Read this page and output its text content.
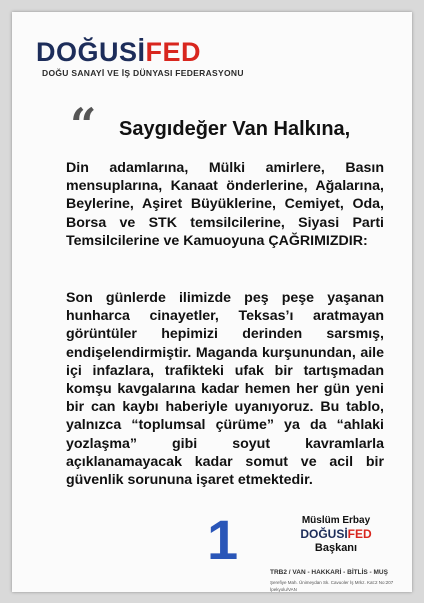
DOĞUSİFED
DOĞU SANAYİ VE İŞ DÜNYASI FEDERASYONU
“ Saygıdeğer Van Halkına,

Din adamlarına, Mülki amirlere, Basın mensuplarına, Kanaat önderlerine, Ağalarına, Beylerine, Aşiret Büyüklerine, Cemiyet, Oda, Borsa ve STK temsilcilerine, Siyasi Parti Temsilcilerine ve Kamuoyuna ÇAĞRIMIZDIR:

Son günlerde ilimizde peş peşe yaşanan hunharca cinayetler, Teksas’ı aratmayan görüntüler hepimizi derinden sarsmış, endişelendirmiştir. Maganda kurşunundan, aile içi infazlara, trafikteki ufak bir tartışmadan komşu kavgalarına kadar hemen her gün yeni bir can kaybı haberiyle uyanıyoruz. Bu tablo, yalnızca “toplumsal çürüme” ya da “ahlaki yozlaşma” gibi soyut kavramlarla açıklanamayacak kadar somut ve acil bir güvenlik sorununa işaret etmektedir.

1	Müslüm Erbay
DOĞUSİFED
Başkanı
TRB2 / VAN - HAKKARİ - BİTLİS - MUŞ
Şerefiye Mah. Ünimeydan Sk. Cavuoler İş Mrkz. Kat:2 No:207
İpekyolu/VAN
